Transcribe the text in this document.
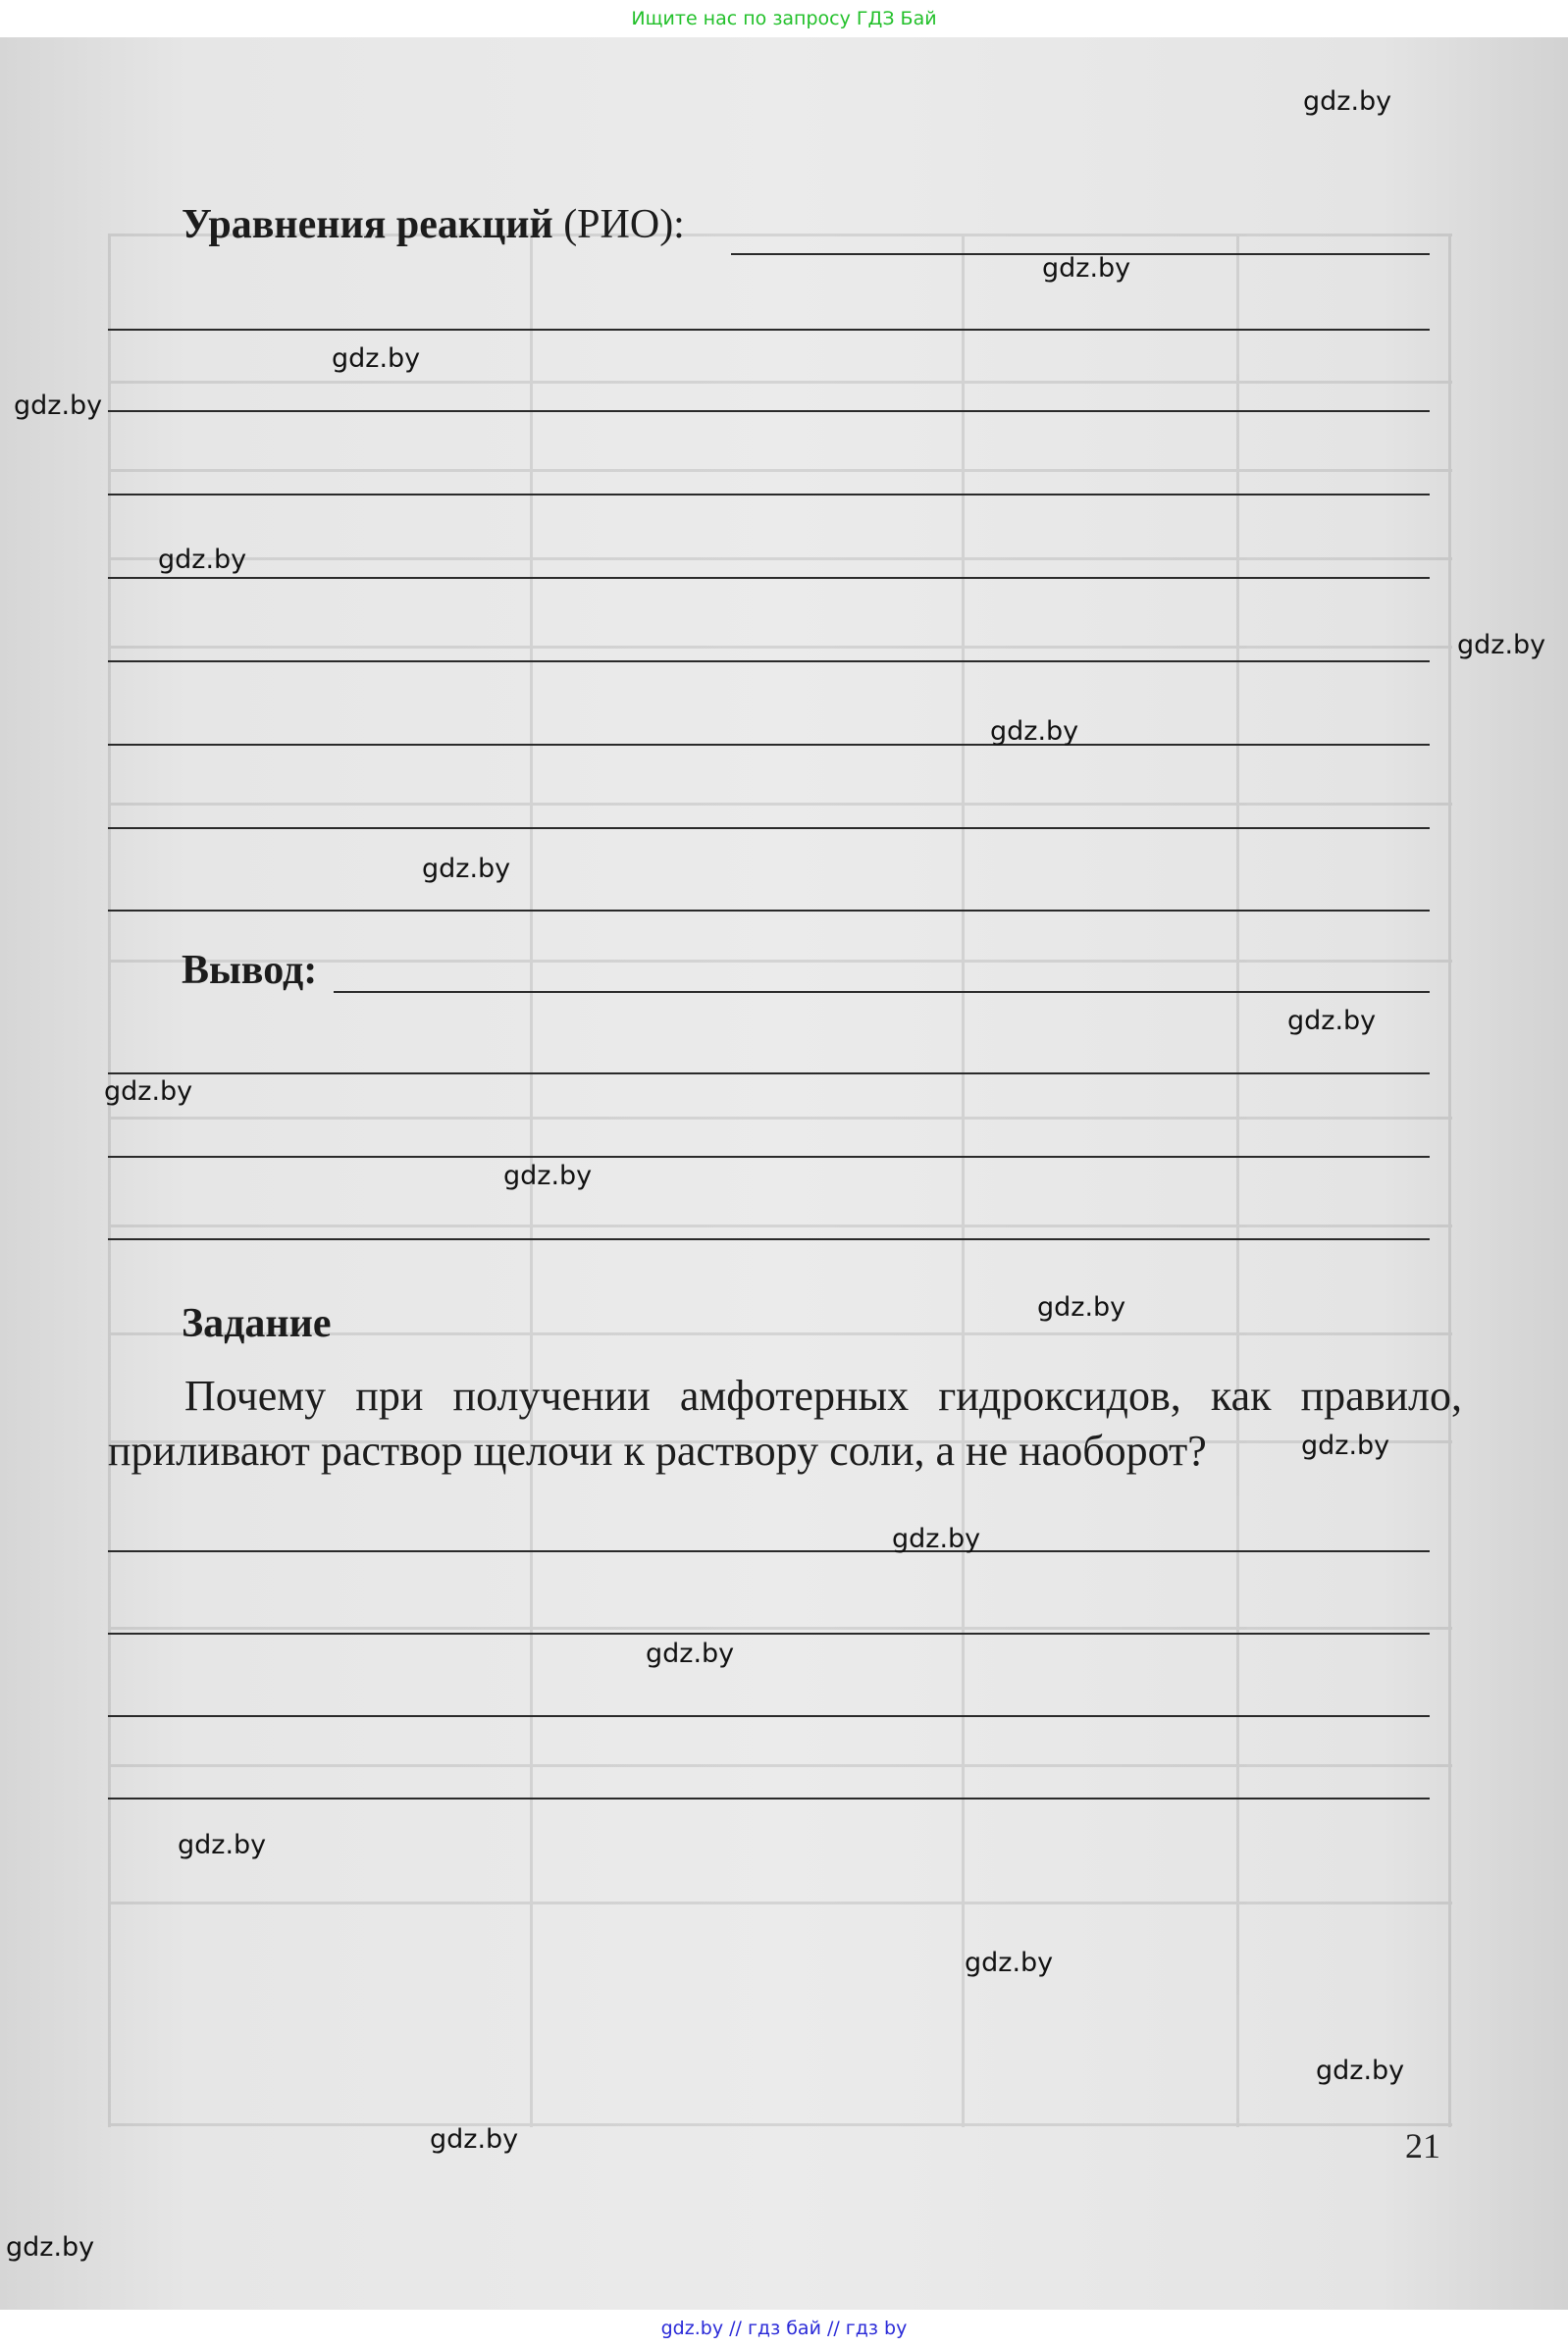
Ищите нас по запросу ГДЗ Бай
Уравнения реакций (РИО):
Вывод:
Задание
Почему при получении амфотерных гидроксидов, как правило, приливают раствор щелочи к раствору соли, а не наоборот?
21
gdz.by
gdz.by
gdz.by
gdz.by
gdz.by
gdz.by
gdz.by
gdz.by
gdz.by
gdz.by
gdz.by
gdz.by
gdz.by
gdz.by
gdz.by
gdz.by
gdz.by
gdz.by
gdz.by
gdz.by
gdz.by // гдз бай // гдз by
